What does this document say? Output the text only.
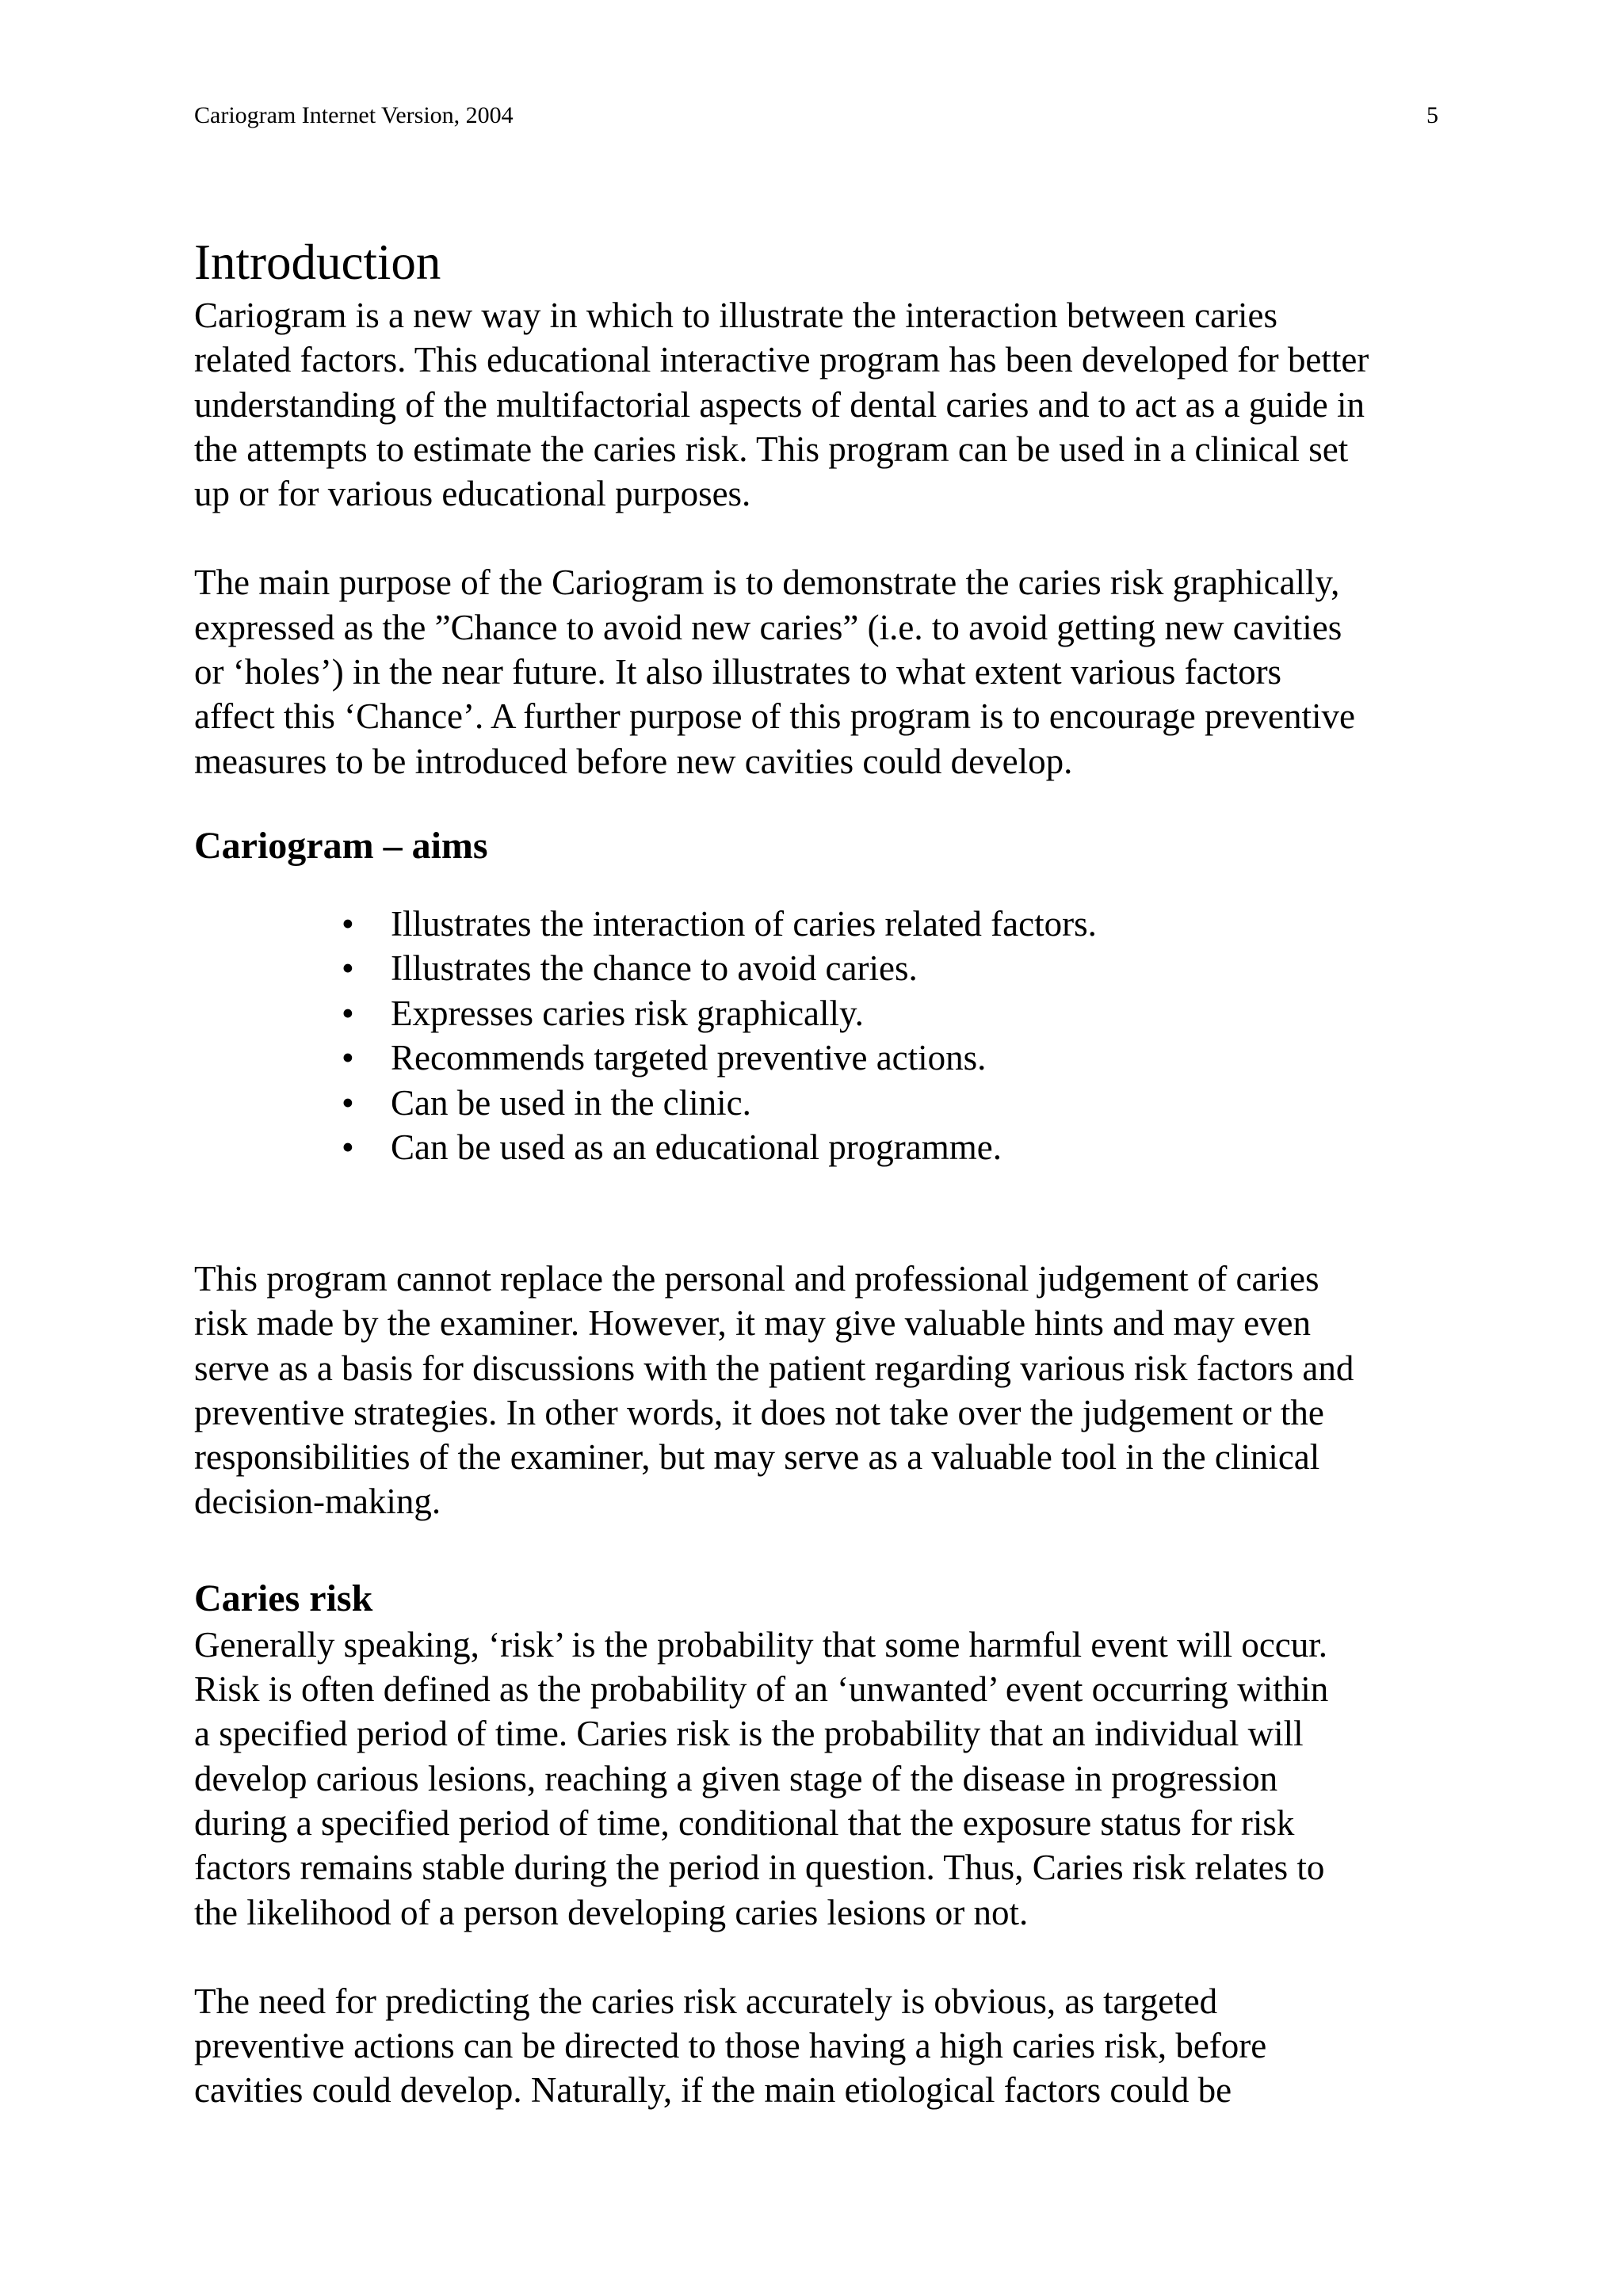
Cariogram Internet Version, 2004	5
Introduction

Cariogram is a new way in which to illustrate the interaction between caries
related factors. This educational interactive program has been developed for better
understanding of the multifactorial aspects of dental caries and to act as a guide in
the attempts to estimate the caries risk. This program can be used in a clinical set
up or for various educational purposes.

The main purpose of the Cariogram is to demonstrate the caries risk graphically,
expressed as the ”Chance to avoid new caries” (i.e. to avoid getting new cavities
or ‘holes’) in the near future. It also illustrates to what extent various factors
affect this ‘Chance’. A further purpose of this program is to encourage preventive
measures to be introduced before new cavities could develop.

Cariogram – aims
• Illustrates the interaction of caries related factors.
• Illustrates the chance to avoid caries.
• Expresses caries risk graphically.
• Recommends targeted preventive actions.
• Can be used in the clinic.
• Can be used as an educational programme.

This program cannot replace the personal and professional judgement of caries
risk made by the examiner. However, it may give valuable hints and may even
serve as a basis for discussions with the patient regarding various risk factors and
preventive strategies. In other words, it does not take over the judgement or the
responsibilities of the examiner, but may serve as a valuable tool in the clinical
decision-making.

Caries risk

Generally speaking, ‘risk’ is the probability that some harmful event will occur.
Risk is often defined as the probability of an ‘unwanted’ event occurring within
a specified period of time. Caries risk is the probability that an individual will
develop carious lesions, reaching a given stage of the disease in progression
during a specified period of time, conditional that the exposure status for risk
factors remains stable during the period in question. Thus, Caries risk relates to
the likelihood of a person developing caries lesions or not.

The need for predicting the caries risk accurately is obvious, as targeted
preventive actions can be directed to those having a high caries risk, before
cavities could develop. Naturally, if the main etiological factors could be
